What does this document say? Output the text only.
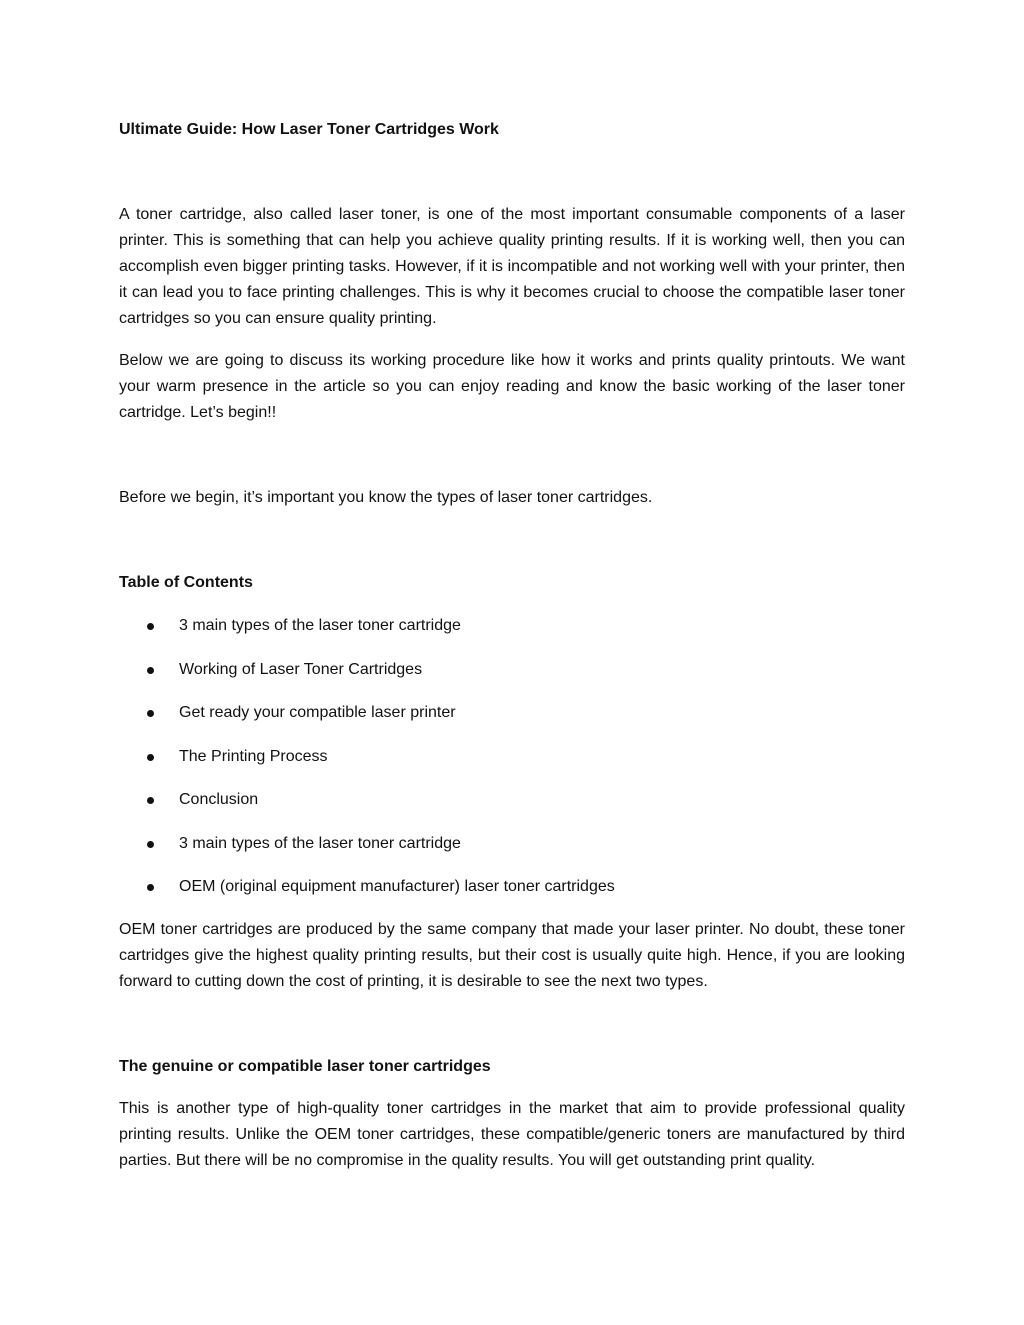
Ultimate Guide: How Laser Toner Cartridges Work

A toner cartridge, also called laser toner, is one of the most important consumable components of a laser printer. This is something that can help you achieve quality printing results. If it is working well, then you can accomplish even bigger printing tasks. However, if it is incompatible and not working well with your printer, then it can lead you to face printing challenges. This is why it becomes crucial to choose the compatible laser toner cartridges so you can ensure quality printing.

Below we are going to discuss its working procedure like how it works and prints quality printouts. We want your warm presence in the article so you can enjoy reading and know the basic working of the laser toner cartridge. Let’s begin!!

Before we begin, it’s important you know the types of laser toner cartridges.

Table of Contents

3 main types of the laser toner cartridge
Working of Laser Toner Cartridges
Get ready your compatible laser printer
The Printing Process
Conclusion
3 main types of the laser toner cartridge
OEM (original equipment manufacturer) laser toner cartridges

OEM toner cartridges are produced by the same company that made your laser printer. No doubt, these toner cartridges give the highest quality printing results, but their cost is usually quite high. Hence, if you are looking forward to cutting down the cost of printing, it is desirable to see the next two types.

The genuine or compatible laser toner cartridges

This is another type of high-quality toner cartridges in the market that aim to provide professional quality printing results. Unlike the OEM toner cartridges, these compatible/generic toners are manufactured by third parties. But there will be no compromise in the quality results. You will get outstanding print quality.
